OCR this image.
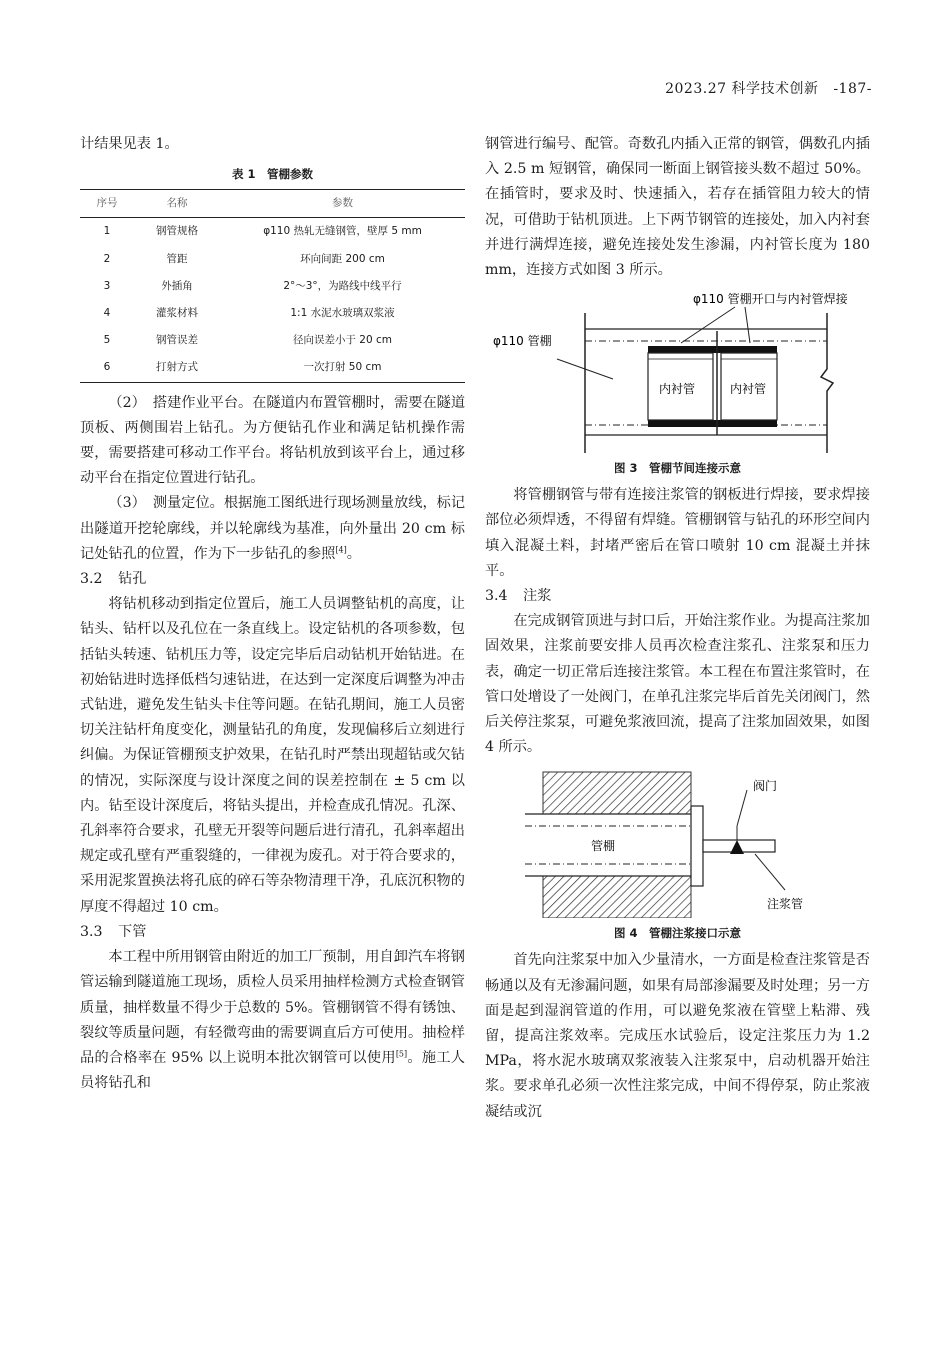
2023.27 科学技术创新 -187-

计结果见表 1。

表 1　管棚参数
序号	名称	参数
1	钢管规格	φ110 热轧无缝钢管，壁厚 5 mm
2	管距	环向间距 200 cm
3	外插角	2°～3°，为路线中线平行
4	灌浆材料	1:1 水泥水玻璃双浆液
5	钢管误差	径向误差小于 20 cm
6	打射方式	一次打射 50 cm

（2）　搭建作业平台。在隧道内布置管棚时，需要在隧道顶板、两侧围岩上钻孔。为方便钻孔作业和满足钻机操作需要，需要搭建可移动工作平台。将钻机放到该平台上，通过移动平台在指定位置进行钻孔。

（3）　测量定位。根据施工图纸进行现场测量放线，标记出隧道开挖轮廓线，并以轮廓线为基准，向外量出 20 cm 标记处钻孔的位置，作为下一步钻孔的参照[4]。

3.2 钻孔

将钻机移动到指定位置后，施工人员调整钻机的高度，让钻头、钻杆以及孔位在一条直线上。设定钻机的各项参数，包括钻头转速、钻机压力等，设定完毕后启动钻机开始钻进。在初始钻进时选择低档匀速钻进，在达到一定深度后调整为冲击式钻进，避免发生钻头卡住等问题。在钻孔期间，施工人员密切关注钻杆角度变化，测量钻孔的角度，发现偏移后立刻进行纠偏。为保证管棚预支护效果，在钻孔时严禁出现超钻或欠钻的情况，实际深度与设计深度之间的误差控制在 ± 5 cm 以内。钻至设计深度后，将钻头提出，并检查成孔情况。孔深、孔斜率符合要求，孔壁无开裂等问题后进行清孔，孔斜率超出规定或孔壁有严重裂缝的，一律视为废孔。对于符合要求的，采用泥浆置换法将孔底的碎石等杂物清理干净，孔底沉积物的厚度不得超过 10 cm。

3.3 下管

本工程中所用钢管由附近的加工厂预制，用自卸汽车将钢管运输到隧道施工现场，质检人员采用抽样检测方式检查钢管质量，抽样数量不得少于总数的 5%。管棚钢管不得有锈蚀、裂纹等质量问题，有轻微弯曲的需要调直后方可使用。抽检样品的合格率在 95% 以上说明本批次钢管可以使用[5]。施工人员将钻孔和

钢管进行编号、配管。奇数孔内插入正常的钢管，偶数孔内插入 2.5 m 短钢管，确保同一断面上钢管接头数不超过 50%。在插管时，要求及时、快速插入，若存在插管阻力较大的情况，可借助于钻机顶进。上下两节钢管的连接处，加入内衬套并进行满焊连接，避免连接处发生渗漏，内衬管长度为 180 mm，连接方式如图 3 所示。

φ110 管棚开口与内衬管焊接
φ110 管棚
内衬管	内衬管
图 3　管棚节间连接示意

将管棚钢管与带有连接注浆管的钢板进行焊接，要求焊接部位必须焊透，不得留有焊缝。管棚钢管与钻孔的环形空间内填入混凝土料，封堵严密后在管口喷射 10 cm 混凝土并抹平。

3.4 注浆

在完成钢管顶进与封口后，开始注浆作业。为提高注浆加固效果，注浆前要安排人员再次检查注浆孔、注浆泵和压力表，确定一切正常后连接注浆管。本工程在布置注浆管时，在管口处增设了一处阀门，在单孔注浆完毕后首先关闭阀门，然后关停注浆泵，可避免浆液回流，提高了注浆加固效果，如图 4 所示。

阀门
管棚
注浆管
图 4　管棚注浆接口示意

首先向注浆泵中加入少量清水，一方面是检查注浆管是否畅通以及有无渗漏问题，如果有局部渗漏要及时处理；另一方面是起到湿润管道的作用，可以避免浆液在管壁上粘滞、残留，提高注浆效率。完成压水试验后，设定注浆压力为 1.2 MPa，将水泥水玻璃双浆液装入注浆泵中，启动机器开始注浆。要求单孔必须一次性注浆完成，中间不得停泵，防止浆液凝结或沉
